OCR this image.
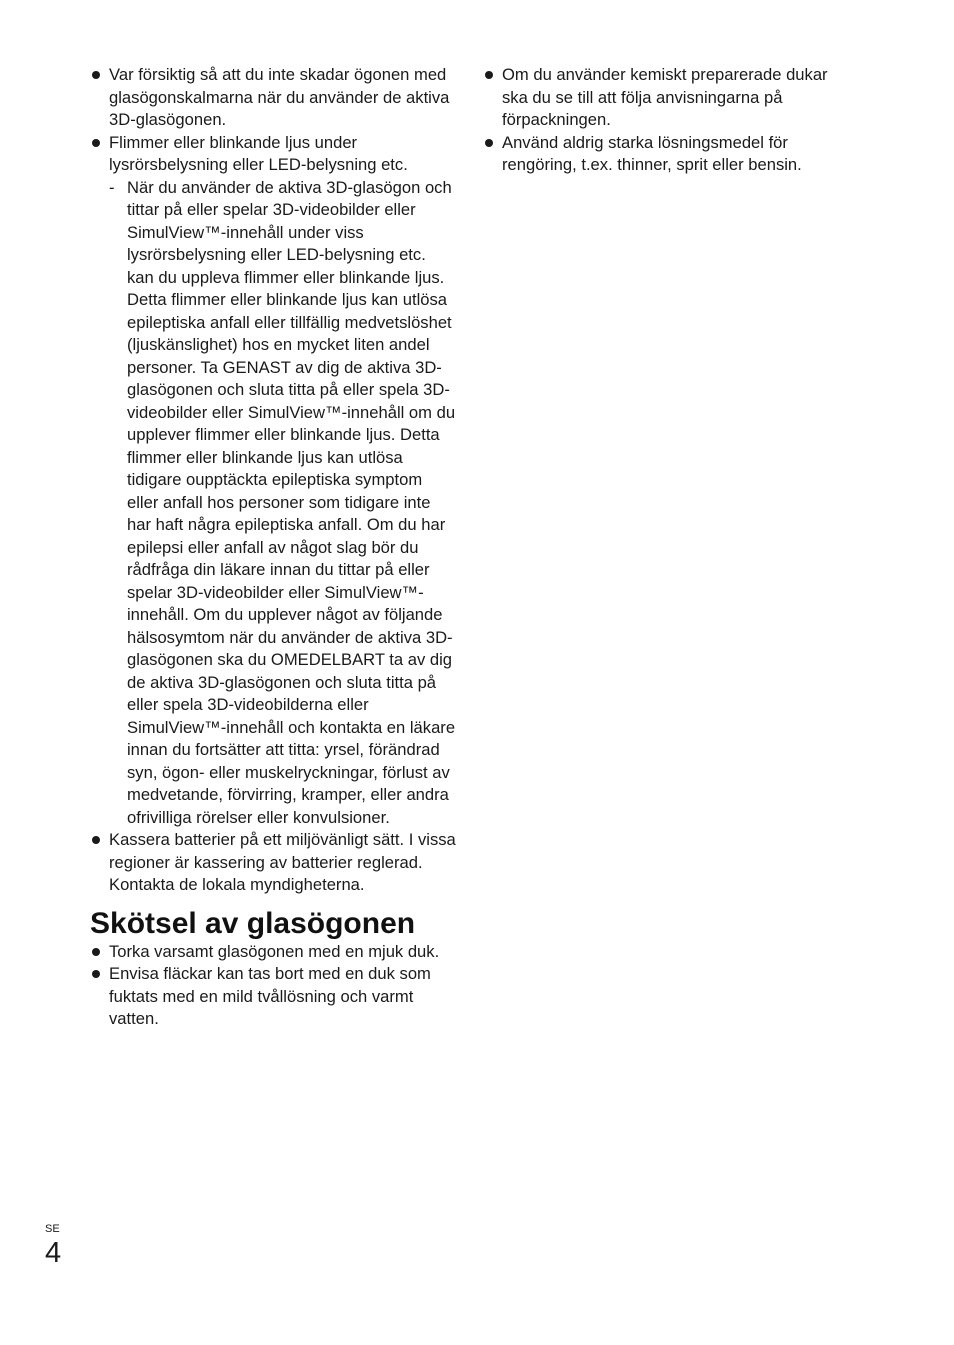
Var försiktig så att du inte skadar ögonen med glasögonskalmarna när du använder de aktiva 3D-glasögonen.
Flimmer eller blinkande ljus under lysrörsbelysning eller LED-belysning etc.
- När du använder de aktiva 3D-glasögon och tittar på eller spelar 3D-videobilder eller SimulView™-innehåll under viss lysrörsbelysning eller LED-belysning etc. kan du uppleva flimmer eller blinkande ljus. Detta flimmer eller blinkande ljus kan utlösa epileptiska anfall eller tillfällig medvetslöshet (ljuskänslighet) hos en mycket liten andel personer. Ta GENAST av dig de aktiva 3D-glasögonen och sluta titta på eller spela 3D-videobilder eller SimulView™-innehåll om du upplever flimmer eller blinkande ljus. Detta flimmer eller blinkande ljus kan utlösa tidigare oupptäckta epileptiska symptom eller anfall hos personer som tidigare inte har haft några epileptiska anfall. Om du har epilepsi eller anfall av något slag bör du rådfråga din läkare innan du tittar på eller spelar 3D-videobilder eller SimulView™-innehåll. Om du upplever något av följande hälsosymtom när du använder de aktiva 3D-glasögonen ska du OMEDELBART ta av dig de aktiva 3D-glasögonen och sluta titta på eller spela 3D-videobilderna eller SimulView™-innehåll och kontakta en läkare innan du fortsätter att titta: yrsel, förändrad syn, ögon- eller muskelryckningar, förlust av medvetande, förvirring, kramper, eller andra ofrivilliga rörelser eller konvulsioner.
Kassera batterier på ett miljövänligt sätt. I vissa regioner är kassering av batterier reglerad. Kontakta de lokala myndigheterna.
Skötsel av glasögonen
Torka varsamt glasögonen med en mjuk duk.
Envisa fläckar kan tas bort med en duk som fuktats med en mild tvållösning och varmt vatten.
Om du använder kemiskt preparerade dukar ska du se till att följa anvisningarna på förpackningen.
Använd aldrig starka lösningsmedel för rengöring, t.ex. thinner, sprit eller bensin.
SE
4
